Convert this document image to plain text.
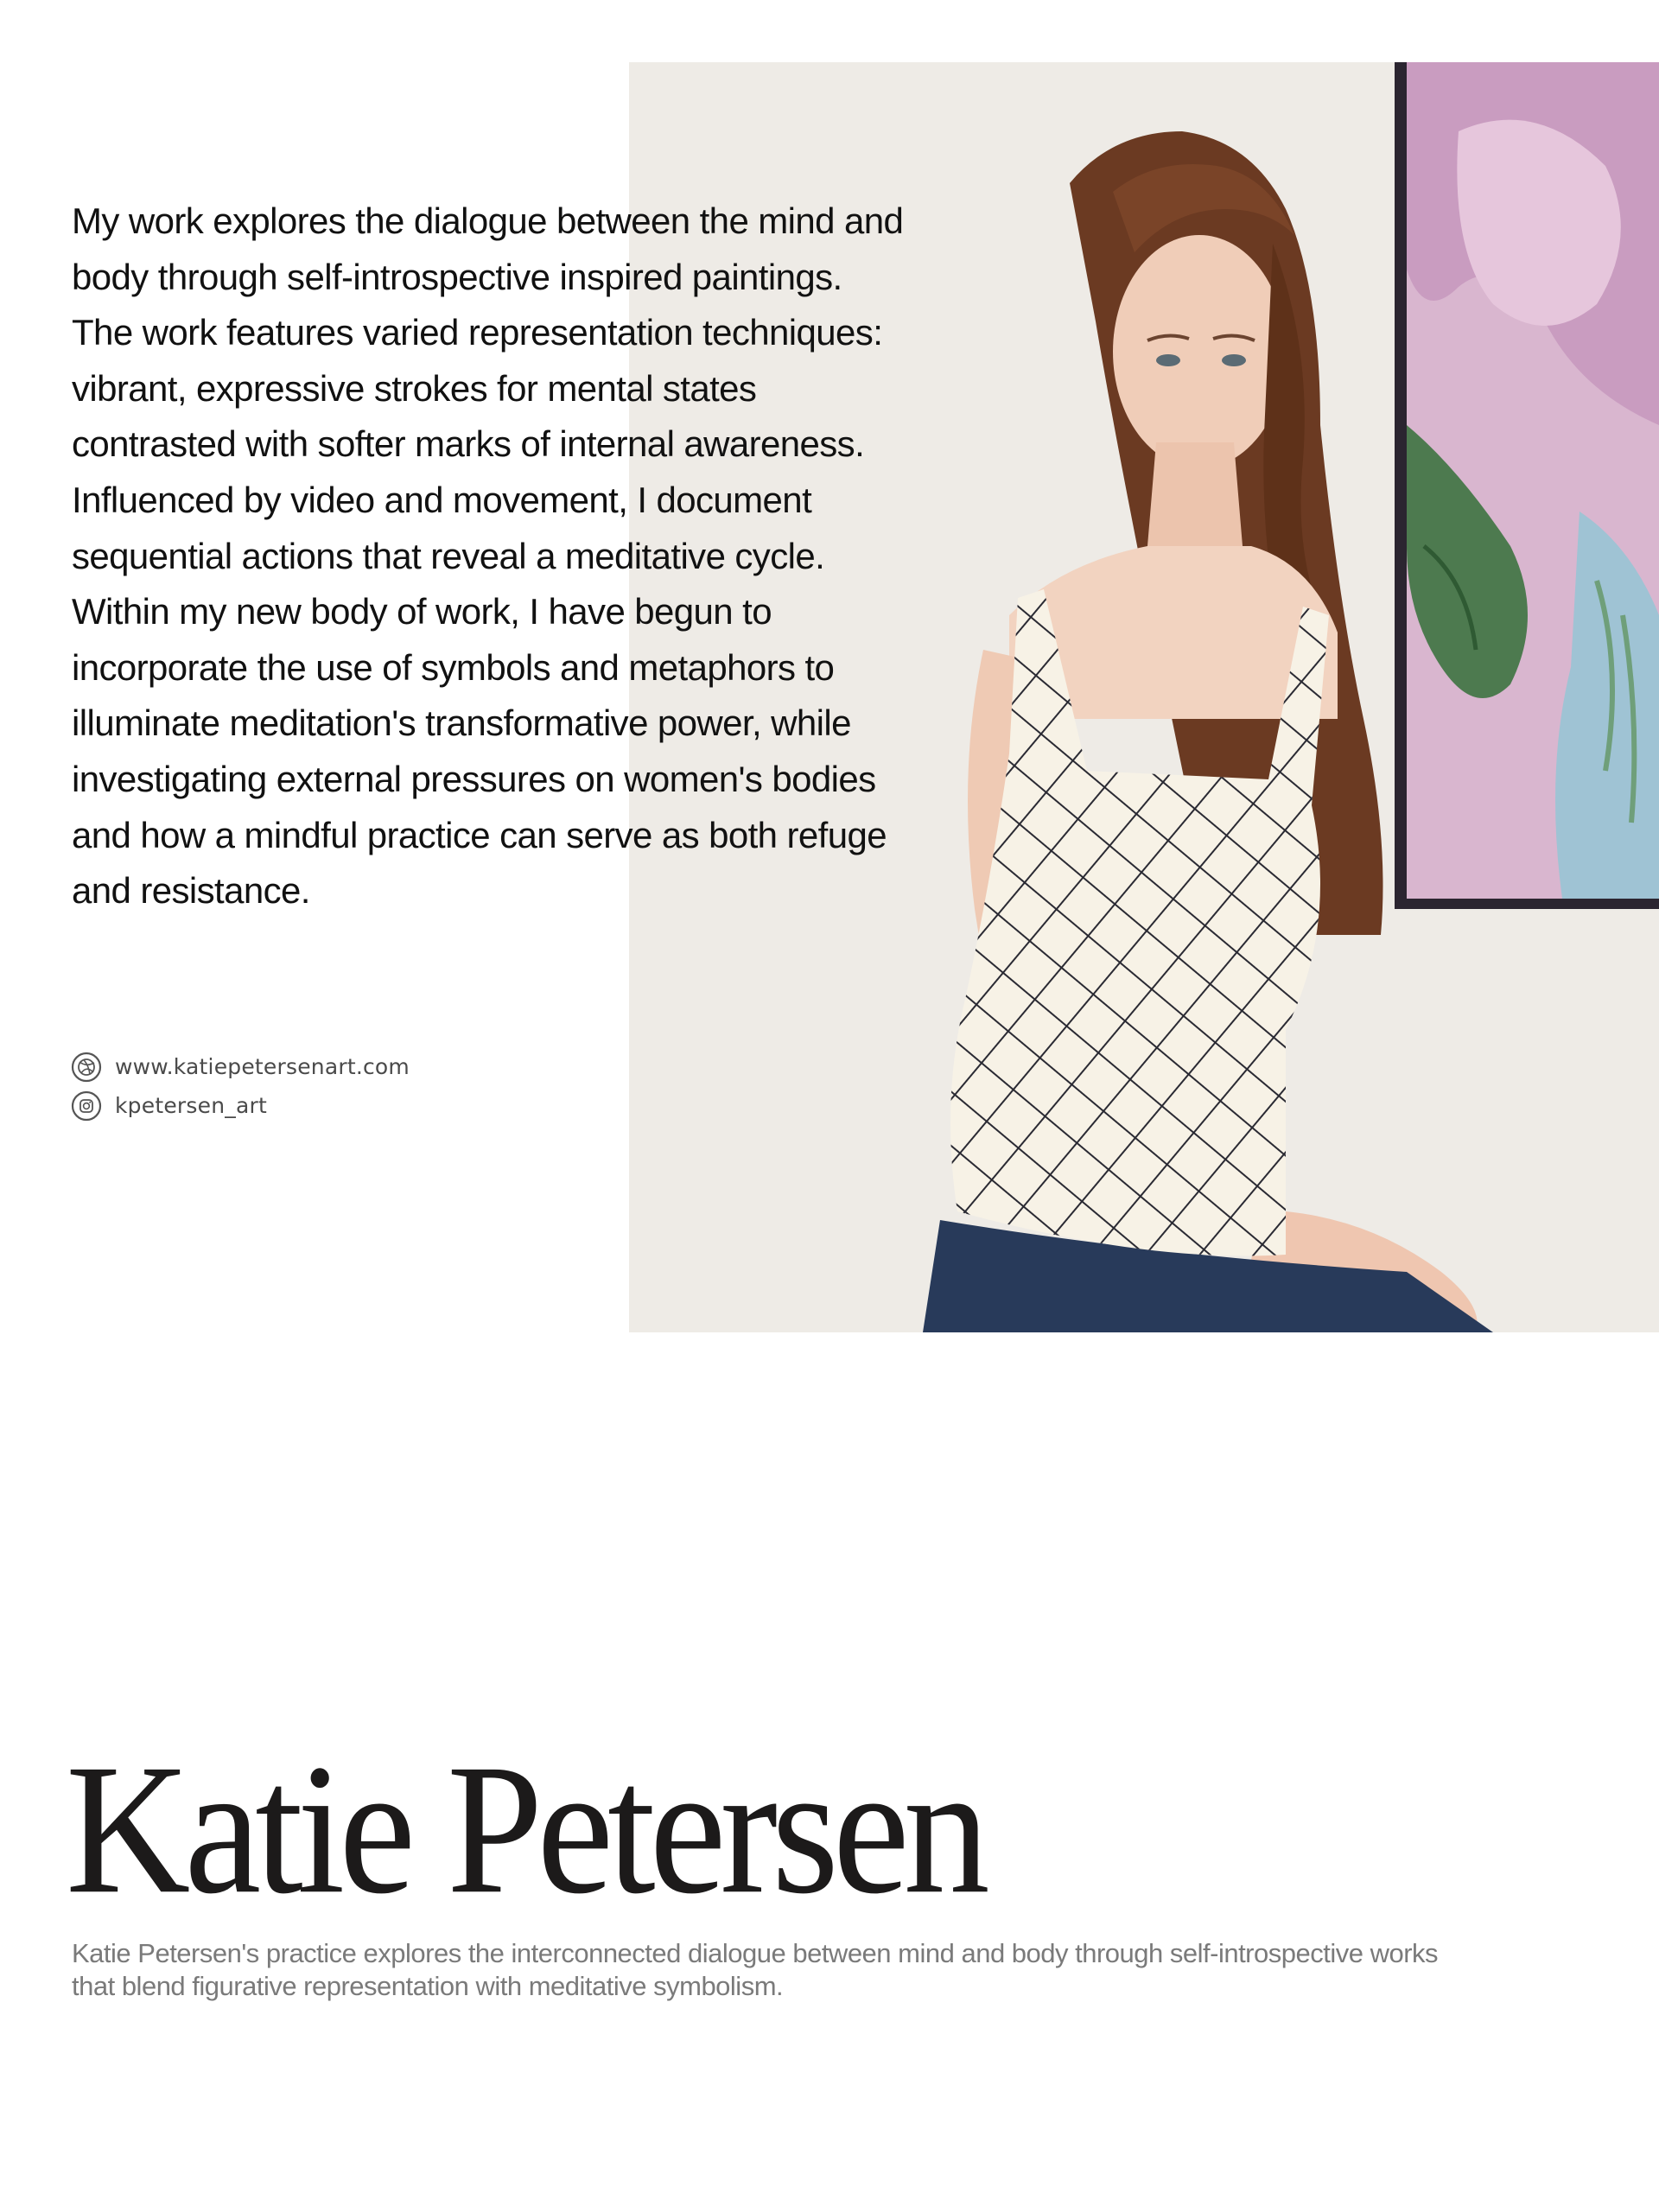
My work explores the dialogue between the mind and
body through self-introspective inspired paintings.
The work features varied representation techniques:
vibrant, expressive strokes for mental states
contrasted with softer marks of internal awareness.
Influenced by video and movement, I document
sequential actions that reveal a meditative cycle.
Within my new body of work, I have begun to
incorporate the use of symbols and metaphors to
illuminate meditation's transformative power, while
investigating external pressures on women's bodies
and how a mindful practice can serve as both refuge
and resistance.

www.katiepetersenart.com
kpetersen_art
Katie Petersen

Katie Petersen's practice explores the interconnected dialogue between mind and body through self-introspective works
that blend figurative representation with meditative symbolism.
